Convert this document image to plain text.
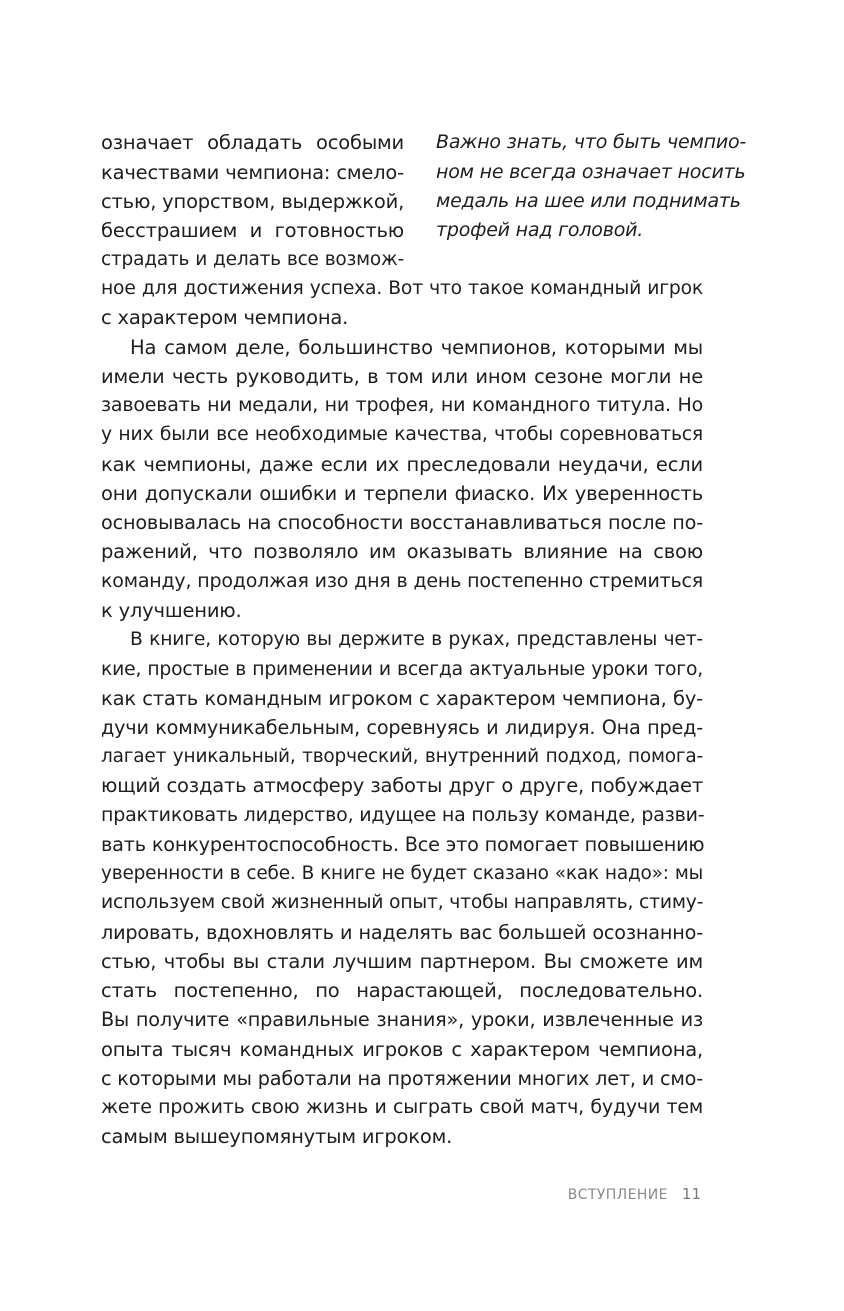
означает обладать особыми
качествами чемпиона: смело-
стью, упорством, выдержкой,
бесстрашием и готовностью
страдать и делать все возмож-
Важно знать, что быть чемпио-
ном не всегда означает носить
медаль на шее или поднимать
трофей над головой.
ное для достижения успеха. Вот что такое командный игрок
с характером чемпиона.
На самом деле, большинство чемпионов, которыми мы
имели честь руководить, в том или ином сезоне могли не
завоевать ни медали, ни трофея, ни командного титула. Но
у них были все необходимые качества, чтобы соревноваться
как чемпионы, даже если их преследовали неудачи, если
они допускали ошибки и терпели фиаско. Их уверенность
основывалась на способности восстанавливаться после по-
ражений, что позволяло им оказывать влияние на свою
команду, продолжая изо дня в день постепенно стремиться
к улучшению.
В книге, которую вы держите в руках, представлены чет-
кие, простые в применении и всегда актуальные уроки того,
как стать командным игроком с характером чемпиона, бу-
дучи коммуникабельным, соревнуясь и лидируя. Она пред-
лагает уникальный, творческий, внутренний подход, помога-
ющий создать атмосферу заботы друг о друге, побуждает
практиковать лидерство, идущее на пользу команде, разви-
вать конкурентоспособность. Все это помогает повышению
уверенности в себе. В книге не будет сказано «как надо»: мы
используем свой жизненный опыт, чтобы направлять, стиму-
лировать, вдохновлять и наделять вас большей осознанно-
стью, чтобы вы стали лучшим партнером. Вы сможете им
стать постепенно, по нарастающей, последовательно.
Вы получите «правильные знания», уроки, извлеченные из
опыта тысяч командных игроков с характером чемпиона,
с которыми мы работали на протяжении многих лет, и смо-
жете прожить свою жизнь и сыграть свой матч, будучи тем
самым вышеупомянутым игроком.
ВСТУПЛЕНИЕ 11
